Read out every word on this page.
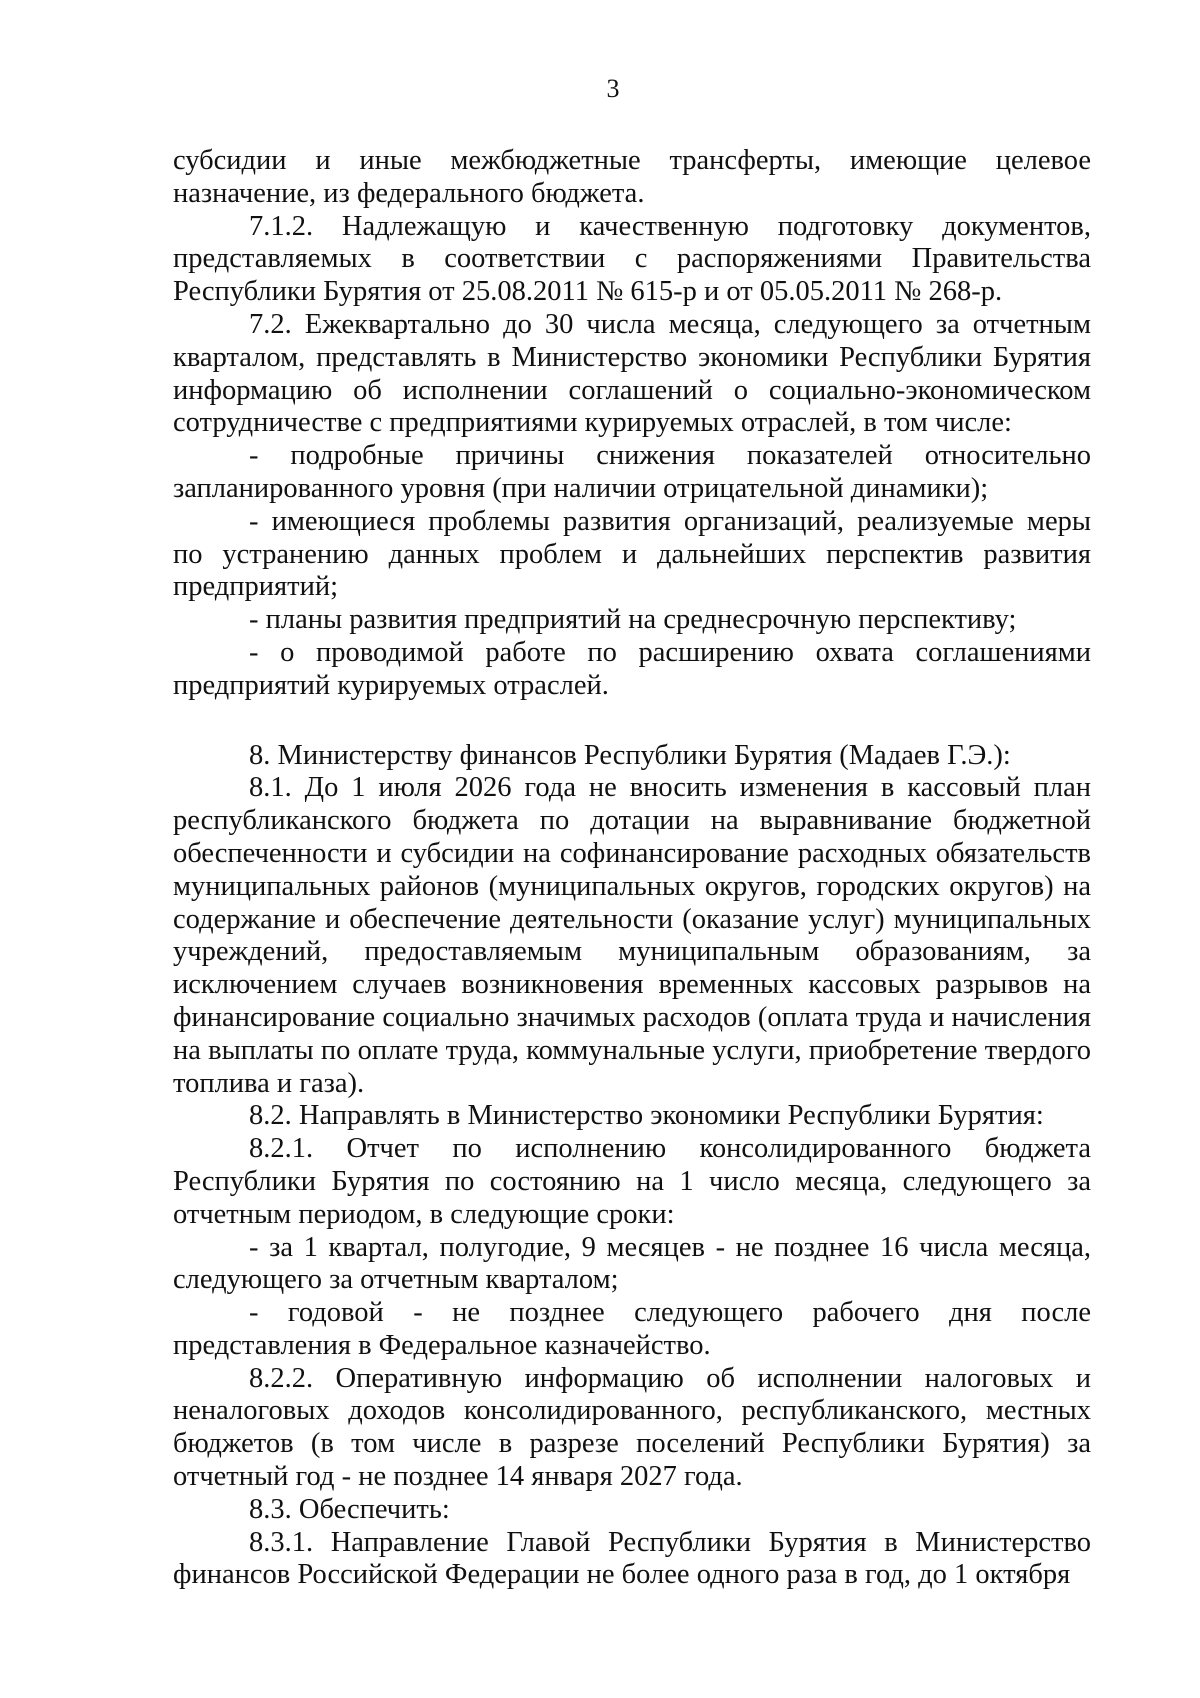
3

субсидии и иные межбюджетные трансферты, имеющие целевое назначение, из федерального бюджета.

7.1.2. Надлежащую и качественную подготовку документов, представляемых в соответствии с распоряжениями Правительства Республики Бурятия от 25.08.2011 № 615-р и от 05.05.2011 № 268-р.

7.2. Ежеквартально до 30 числа месяца, следующего за отчетным кварталом, представлять в Министерство экономики Республики Бурятия информацию об исполнении соглашений о социально-экономическом сотрудничестве с предприятиями курируемых отраслей, в том числе:

- подробные причины снижения показателей относительно запланированного уровня (при наличии отрицательной динамики);

- имеющиеся проблемы развития организаций, реализуемые меры по устранению данных проблем и дальнейших перспектив развития предприятий;

- планы развития предприятий на среднесрочную перспективу;

- о проводимой работе по расширению охвата соглашениями предприятий курируемых отраслей.

8. Министерству финансов Республики Бурятия (Мадаев Г.Э.):

8.1. До 1 июля 2026 года не вносить изменения в кассовый план республиканского бюджета по дотации на выравнивание бюджетной обеспеченности и субсидии на софинансирование расходных обязательств муниципальных районов (муниципальных округов, городских округов) на содержание и обеспечение деятельности (оказание услуг) муниципальных учреждений, предоставляемым муниципальным образованиям, за исключением случаев возникновения временных кассовых разрывов на финансирование социально значимых расходов (оплата труда и начисления на выплаты по оплате труда, коммунальные услуги, приобретение твердого топлива и газа).

8.2. Направлять в Министерство экономики Республики Бурятия:

8.2.1. Отчет по исполнению консолидированного бюджета Республики Бурятия по состоянию на 1 число месяца, следующего за отчетным периодом, в следующие сроки:

- за 1 квартал, полугодие, 9 месяцев - не позднее 16 числа месяца, следующего за отчетным кварталом;

- годовой - не позднее следующего рабочего дня после представления в Федеральное казначейство.

8.2.2. Оперативную информацию об исполнении налоговых и неналоговых доходов консолидированного, республиканского, местных бюджетов (в том числе в разрезе поселений Республики Бурятия) за отчетный год - не позднее 14 января 2027 года.

8.3. Обеспечить:

8.3.1. Направление Главой Республики Бурятия в Министерство финансов Российской Федерации не более одного раза в год, до 1 октября
